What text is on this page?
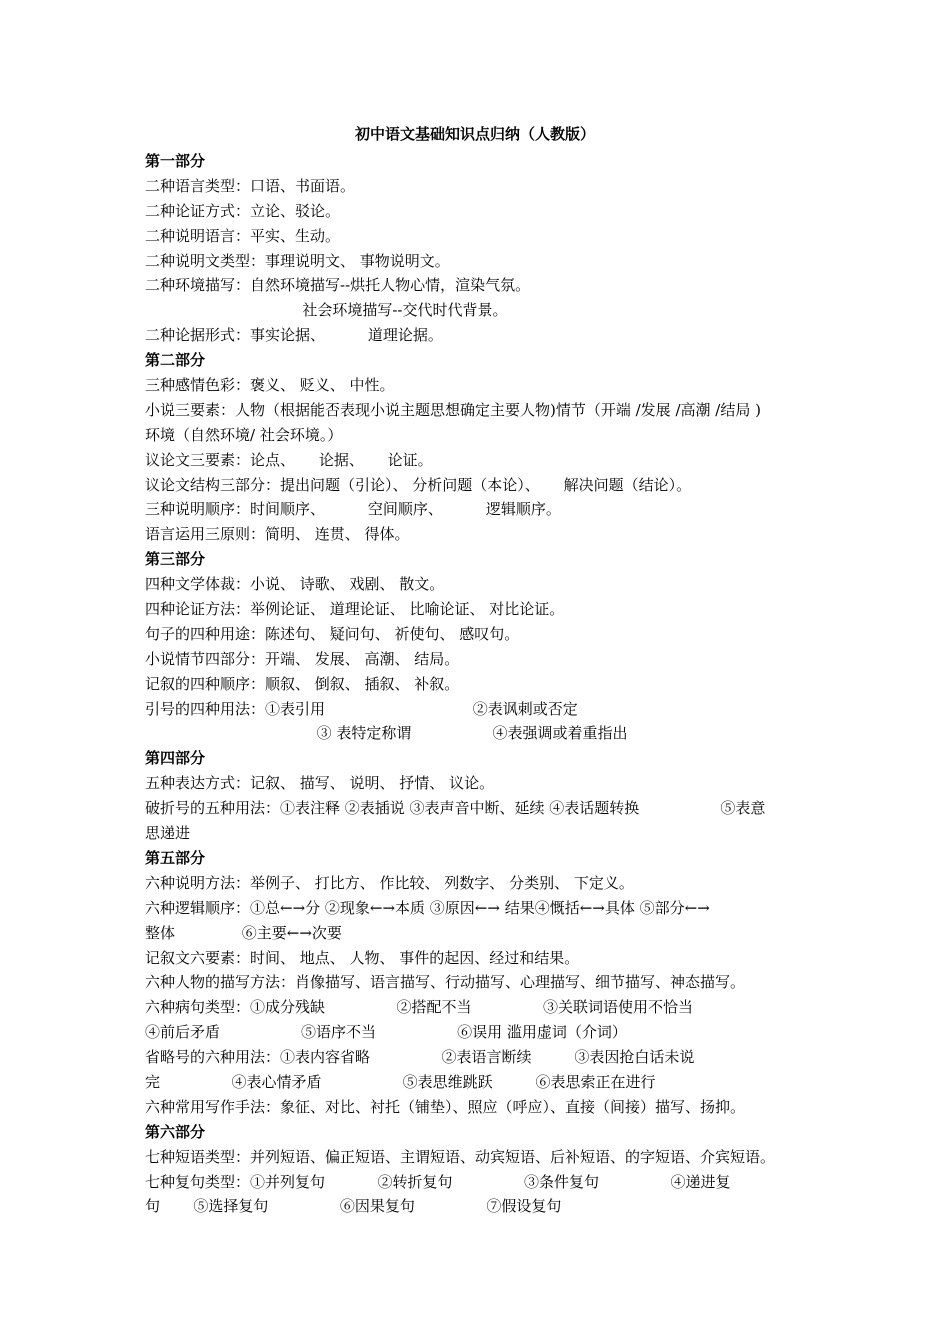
初中语文基础知识点归纳（人教版）
第一部分
二种语言类型：口语、书面语。
二种论证方式：立论、驳论。
二种说明语言：平实、生动。
二种说明文类型：事理说明文、 事物说明文。
二种环境描写：自然环境描写--烘托人物心情，渲染气氛。
社会环境描写--交代时代背景。
二种论据形式：事实论据、         道理论据。
第二部分
三种感情色彩：褒义、 贬义、 中性。
小说三要素：人物（根据能否表现小说主题思想确定主要人物)情节（开端 /发展 /高潮 /结局 )
环境（自然环境/ 社会环境。）
议论文三要素：论点、     论据、     论证。
议论文结构三部分：提出问题（引论）、 分析问题（本论）、     解决问题（结论）。
三种说明顺序：时间顺序、         空间顺序、         逻辑顺序。
语言运用三原则：简明、 连贯、 得体。
第三部分
四种文学体裁：小说、 诗歌、 戏剧、 散文。
四种论证方法：举例论证、 道理论证、 比喻论证、 对比论证。
句子的四种用途：陈述句、 疑问句、 祈使句、 感叹句。
小说情节四部分：开端、 发展、 高潮、 结局。
记叙的四种顺序：顺叙、 倒叙、 插叙、 补叙。
引号的四种用法：①表引用                               ②表讽刺或否定
③ 表特定称谓                 ④表强调或着重指出
第四部分
五种表达方式：记叙、 描写、 说明、 抒情、 议论。
破折号的五种用法：①表注释 ②表插说 ③表声音中断、延续 ④表话题转换                 ⑤表意
思递进
第五部分
六种说明方法：举例子、 打比方、 作比较、 列数字、 分类别、 下定义。
六种逻辑顺序：①总←→分 ②现象←→本质 ③原因←→ 结果④慨括←→具体 ⑤部分←→
整体              ⑥主要←→次要
记叙文六要素：时间、 地点、 人物、 事件的起因、经过和结果。
六种人物的描写方法：肖像描写、语言描写、行动描写、心理描写、细节描写、神态描写。
六种病句类型：①成分残缺               ②搭配不当               ③关联词语使用不恰当
④前后矛盾                 ⑤语序不当                 ⑥误用 滥用虚词（介词）
省略号的六种用法：①表内容省略               ②表语言断续         ③表因抢白话未说
完               ④表心情矛盾                 ⑤表思维跳跃         ⑥表思索正在进行
六种常用写作手法：象征、对比、衬托（铺垫）、照应（呼应）、直接（间接）描写、扬抑。
第六部分
七种短语类型：并列短语、偏正短语、主谓短语、动宾短语、后补短语、的字短语、介宾短语。
七种复句类型：①并列复句           ②转折复句               ③条件复句               ④递进复
句       ⑤选择复句               ⑥因果复句               ⑦假设复句
